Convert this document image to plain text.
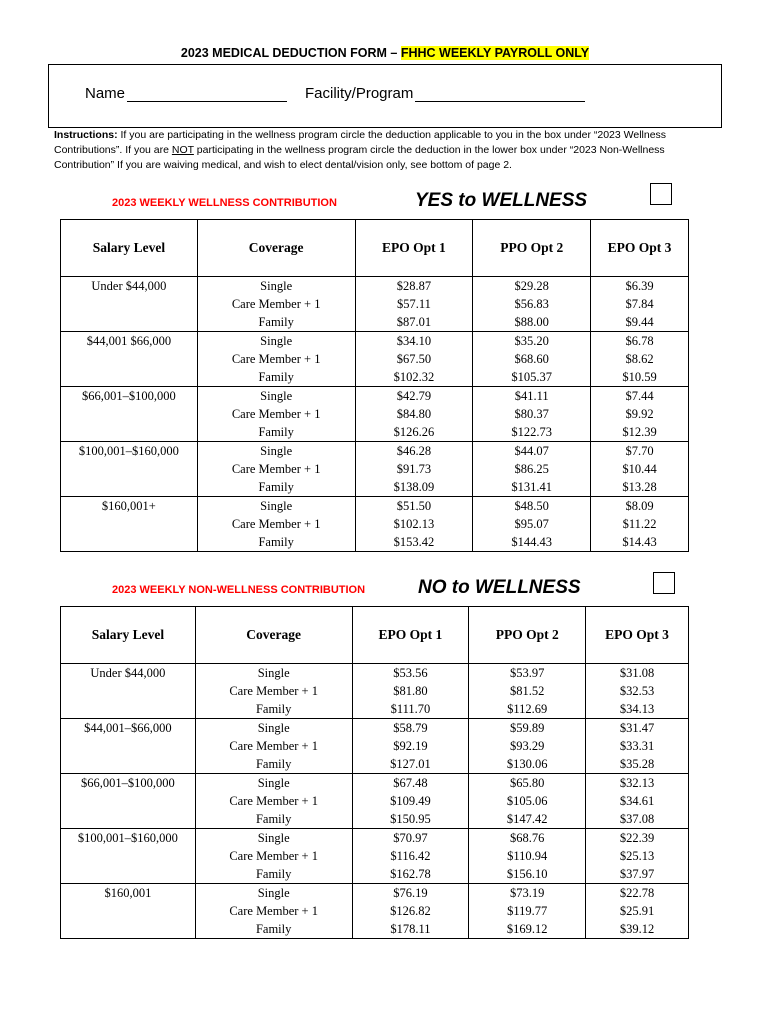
2023 MEDICAL DEDUCTION FORM – FHHC WEEKLY PAYROLL ONLY
Name	Facility/Program
Instructions: If you are participating in the wellness program circle the deduction applicable to you in the box under “2023 Wellness Contributions”. If you are NOT participating in the wellness program circle the deduction in the lower box under “2023 Non-Wellness Contribution” If you are waiving medical, and wish to elect dental/vision only, see bottom of page 2.
2023 WEEKLY WELLNESS CONTRIBUTION	YES to WELLNESS
Salary Level	Coverage	EPO Opt 1	PPO Opt 2	EPO Opt 3
Under $44,000	Single	$28.87	$29.28	$6.39
	Care Member + 1	$57.11	$56.83	$7.84
	Family	$87.01	$88.00	$9.44
$44,001 $66,000	Single	$34.10	$35.20	$6.78
	Care Member + 1	$67.50	$68.60	$8.62
	Family	$102.32	$105.37	$10.59
$66,001–$100,000	Single	$42.79	$41.11	$7.44
	Care Member + 1	$84.80	$80.37	$9.92
	Family	$126.26	$122.73	$12.39
$100,001–$160,000	Single	$46.28	$44.07	$7.70
	Care Member + 1	$91.73	$86.25	$10.44
	Family	$138.09	$131.41	$13.28
$160,001+	Single	$51.50	$48.50	$8.09
	Care Member + 1	$102.13	$95.07	$11.22
	Family	$153.42	$144.43	$14.43
2023 WEEKLY NON-WELLNESS CONTRIBUTION	NO to WELLNESS
Salary Level	Coverage	EPO Opt 1	PPO Opt 2	EPO Opt 3
Under $44,000	Single	$53.56	$53.97	$31.08
	Care Member + 1	$81.80	$81.52	$32.53
	Family	$111.70	$112.69	$34.13
$44,001–$66,000	Single	$58.79	$59.89	$31.47
	Care Member + 1	$92.19	$93.29	$33.31
	Family	$127.01	$130.06	$35.28
$66,001–$100,000	Single	$67.48	$65.80	$32.13
	Care Member + 1	$109.49	$105.06	$34.61
	Family	$150.95	$147.42	$37.08
$100,001–$160,000	Single	$70.97	$68.76	$22.39
	Care Member + 1	$116.42	$110.94	$25.13
	Family	$162.78	$156.10	$37.97
$160,001	Single	$76.19	$73.19	$22.78
	Care Member + 1	$126.82	$119.77	$25.91
	Family	$178.11	$169.12	$39.12
